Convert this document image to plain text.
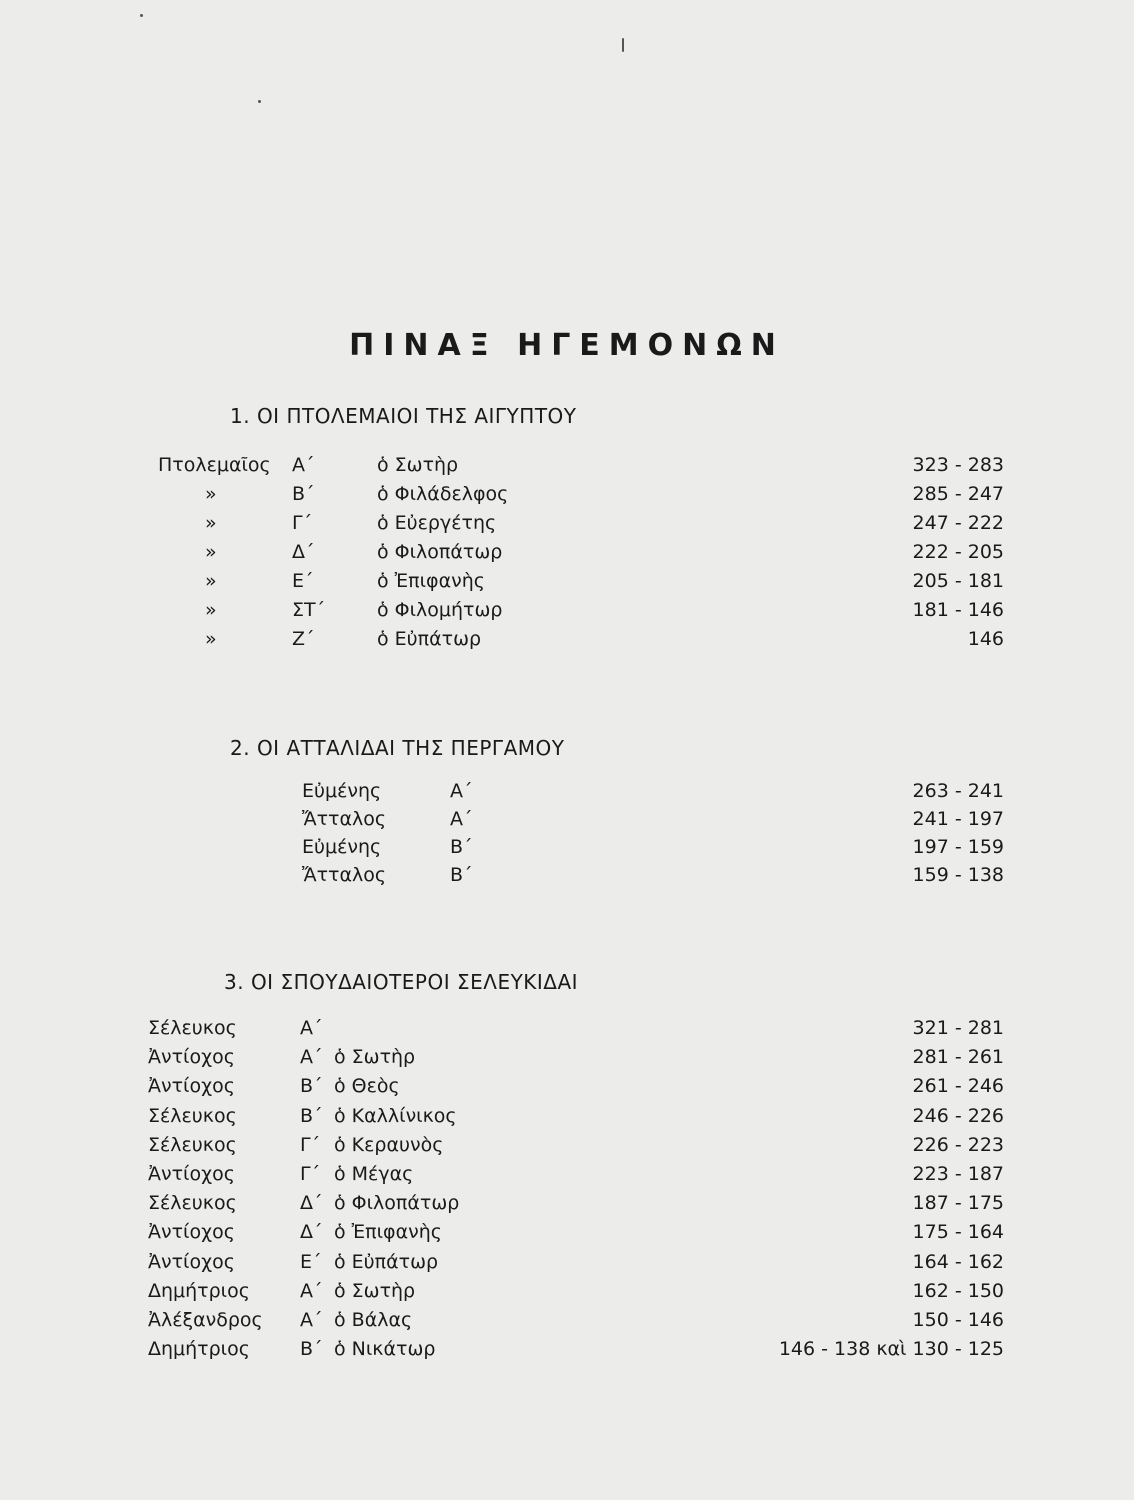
ΠΙΝΑΞ ΗΓΕΜΟΝΩΝ
1. ΟΙ ΠΤΟΛΕΜΑΙΟΙ ΤΗΣ ΑΙΓΥΠΤΟΥ
Πτολεμαῖος Α΄	ὁ Σωτὴρ	323 - 283
»	Β΄	ὁ Φιλάδελφος	285 - 247
»	Γ΄	ὁ Εὐεργέτης	247 - 222
»	Δ΄	ὁ Φιλοπάτωρ	222 - 205
»	Ε΄	ὁ Ἐπιφανὴς	205 - 181
»	ΣΤ΄	ὁ Φιλομήτωρ	181 - 146
»	Ζ΄	ὁ Εὐπάτωρ	146
2. ΟΙ ΑΤΤΑΛΙΔΑΙ ΤΗΣ ΠΕΡΓΑΜΟΥ
Εὐμένης	Α΄	263 - 241
Ἄτταλος	Α΄	241 - 197
Εὐμένης	Β΄	197 - 159
Ἄτταλος	Β΄	159 - 138
3. ΟΙ ΣΠΟΥΔΑΙΟΤΕΡΟΙ ΣΕΛΕΥΚΙΔΑΙ
Σέλευκος	Α΄	321 - 281
Ἀντίοχος	Α΄ ὁ Σωτὴρ	281 - 261
Ἀντίοχος	Β΄ ὁ Θεὸς	261 - 246
Σέλευκος	Β΄ ὁ Καλλίνικος	246 - 226
Σέλευκος	Γ΄ ὁ Κεραυνὸς	226 - 223
Ἀντίοχος	Γ΄ ὁ Μέγας	223 - 187
Σέλευκος	Δ΄ ὁ Φιλοπάτωρ	187 - 175
Ἀντίοχος	Δ΄ ὁ Ἐπιφανὴς	175 - 164
Ἀντίοχος	Ε΄ ὁ Εὐπάτωρ	164 - 162
Δημήτριος	Α΄ ὁ Σωτὴρ	162 - 150
Ἀλέξανδρος Α΄ ὁ Βάλας	150 - 146
Δημήτριος	Β΄ ὁ Νικάτωρ	146 - 138 καὶ 130 - 125
